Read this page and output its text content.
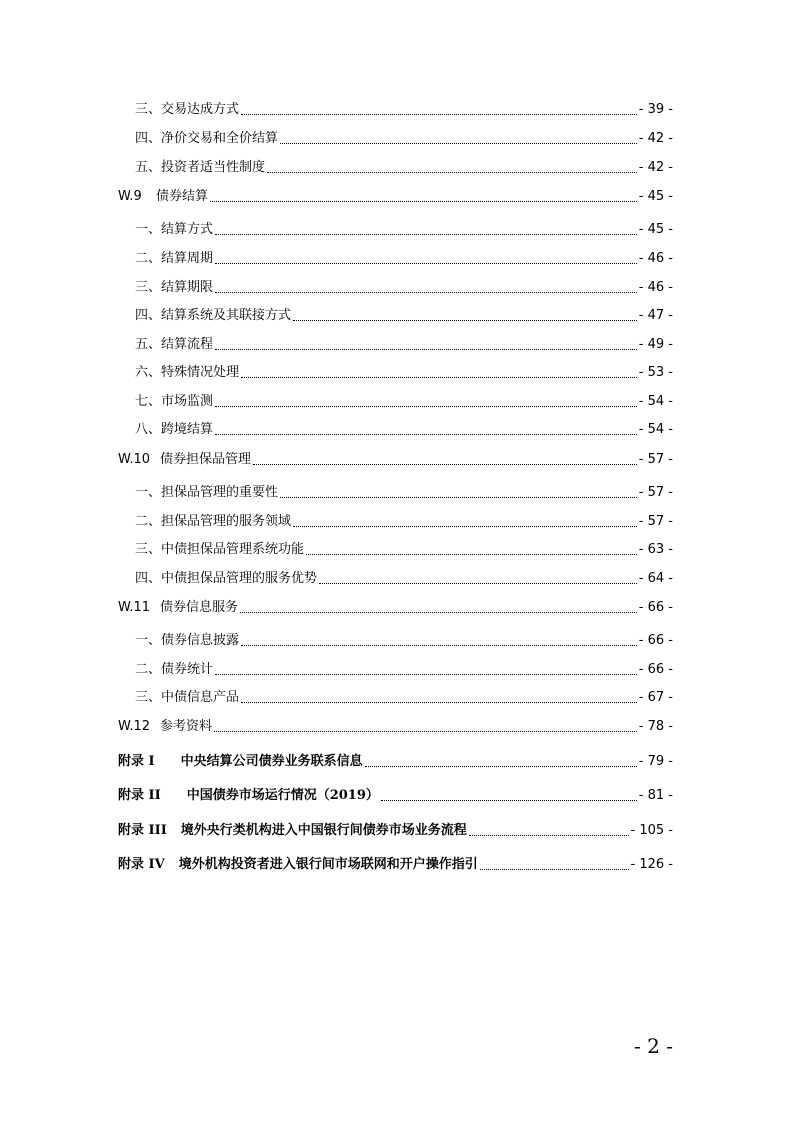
三、交易达成方式	- 39 -
四、净价交易和全价结算	- 42 -
五、投资者适当性制度	- 42 -
W.9 债券结算	- 45 -
一、结算方式	- 45 -
二、结算周期	- 46 -
三、结算期限	- 46 -
四、结算系统及其联接方式	- 47 -
五、结算流程	- 49 -
六、特殊情况处理	- 53 -
七、市场监测	- 54 -
八、跨境结算	- 54 -
W.10 债券担保品管理	- 57 -
一、担保品管理的重要性	- 57 -
二、担保品管理的服务领域	- 57 -
三、中债担保品管理系统功能	- 63 -
四、中债担保品管理的服务优势	- 64 -
W.11 债券信息服务	- 66 -
一、债券信息披露	- 66 -
二、债券统计	- 66 -
三、中债信息产品	- 67 -
W.12 参考资料	- 78 -
附录 I 中央结算公司债券业务联系信息	- 79 -
附录 II 中国债券市场运行情况（2019）	- 81 -
附录 III 境外央行类机构进入中国银行间债券市场业务流程	- 105 -
附录 IV 境外机构投资者进入银行间市场联网和开户操作指引	- 126 -
- 2 -
